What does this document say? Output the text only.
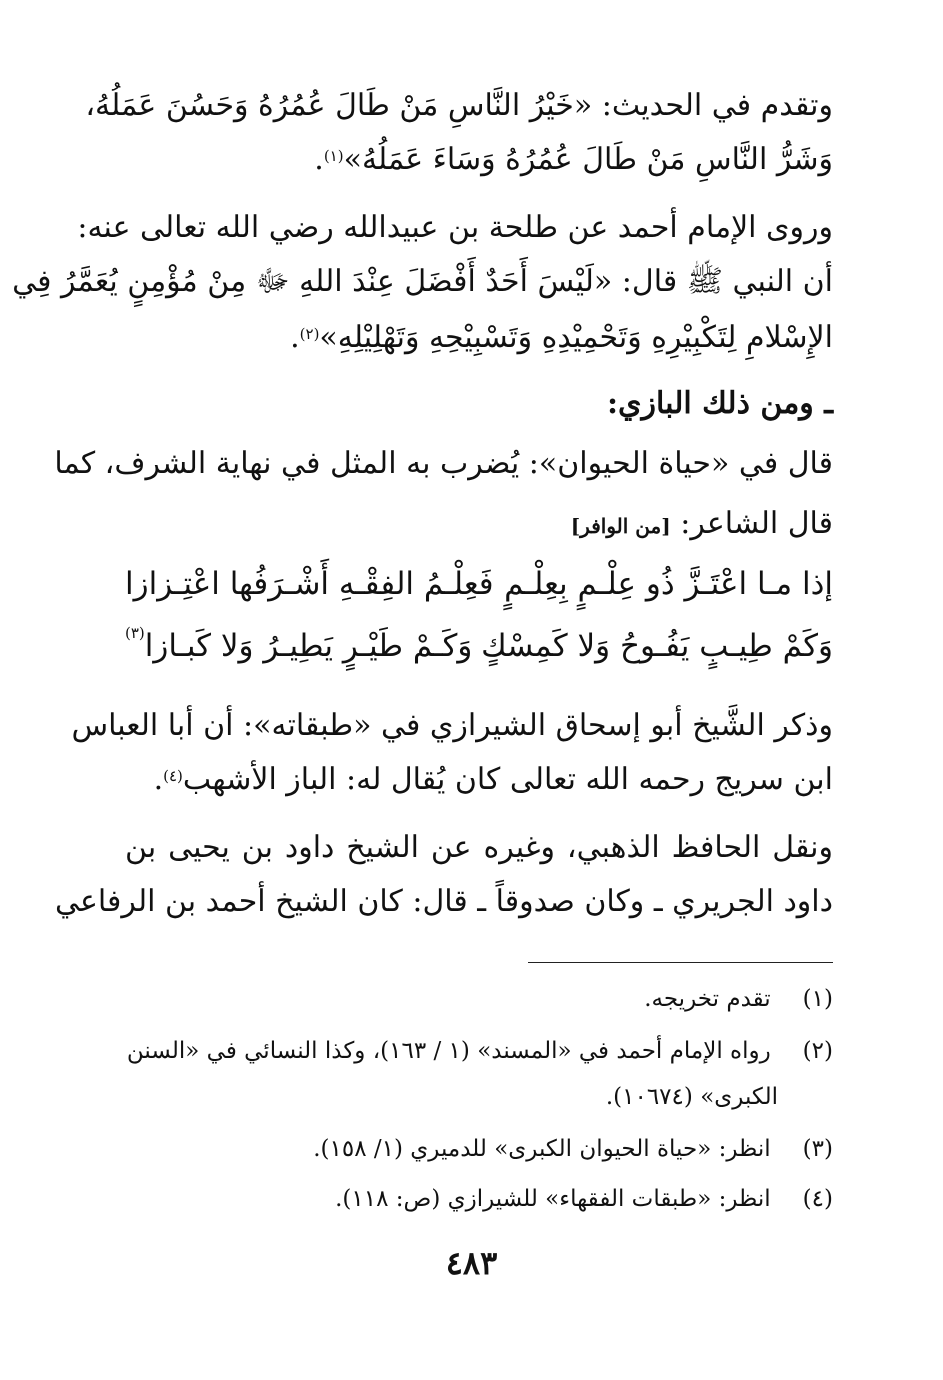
وتقدم في الحديث: «خَيْرُ النَّاسِ مَنْ طَالَ عُمُرُهُ وَحَسُنَ عَمَلُهُ،
وَشَرُّ النَّاسِ مَنْ طَالَ عُمُرُهُ وَسَاءَ عَمَلُهُ»$^{(١)}$.
وروى الإمام أحمد عن طلحة بن عبيدالله رضي الله تعالى عنه:
أن النبي ﷺ قال: «لَيْسَ أَحَدٌ أَفْضَلَ عِنْدَ اللهِ ﷻ مِنْ مُؤْمِنٍ يُعَمَّرُ فِي
الإِسْلامِ لِتَكْبِيْرِهِ وَتَحْمِيْدِهِ وَتَسْبِيْحِهِ وَتَهْلِيْلِهِ»$^{(٢)}$.
ـ ومن ذلك البازي:
قال في «حياة الحيوان»: يُضرب به المثل في نهاية الشرف، كما
قال الشاعر: [من الوافر]
إذا مـا اعْتَـزَّ ذُو عِلْـمٍ بِعِلْـمٍ
فَعِلْـمُ الفِقْـهِ أَشْـرَفُها اعْتِـزازا
وَكَمْ طِيـبٍ يَفُـوحُ وَلا كَمِسْكٍ
وَكَـمْ طَيْـرٍ يَطِيـرُ وَلا كَبـازا$^{(٣)}$
وذكر الشَّيخ أبو إسحاق الشيرازي في «طبقاته»: أن أبا العباس
ابن سريج رحمه الله تعالى كان يُقال له: الباز الأشهب$^{(٤)}$.
ونقل الحافظ الذهبي، وغيره عن الشيخ داود بن يحيى بن
داود الجريري ـ وكان صدوقاً ـ قال: كان الشيخ أحمد بن الرفاعي
(١) تقدم تخريجه.
(٢) رواه الإمام أحمد في «المسند» (١ / ١٦٣)، وكذا النسائي في «السنن
الكبرى» (١٠٦٧٤).
(٣) انظر: «حياة الحيوان الكبرى» للدميري (١/ ١٥٨).
(٤) انظر: «طبقات الفقهاء» للشيرازي (ص: ١١٨).
٤٨٣
